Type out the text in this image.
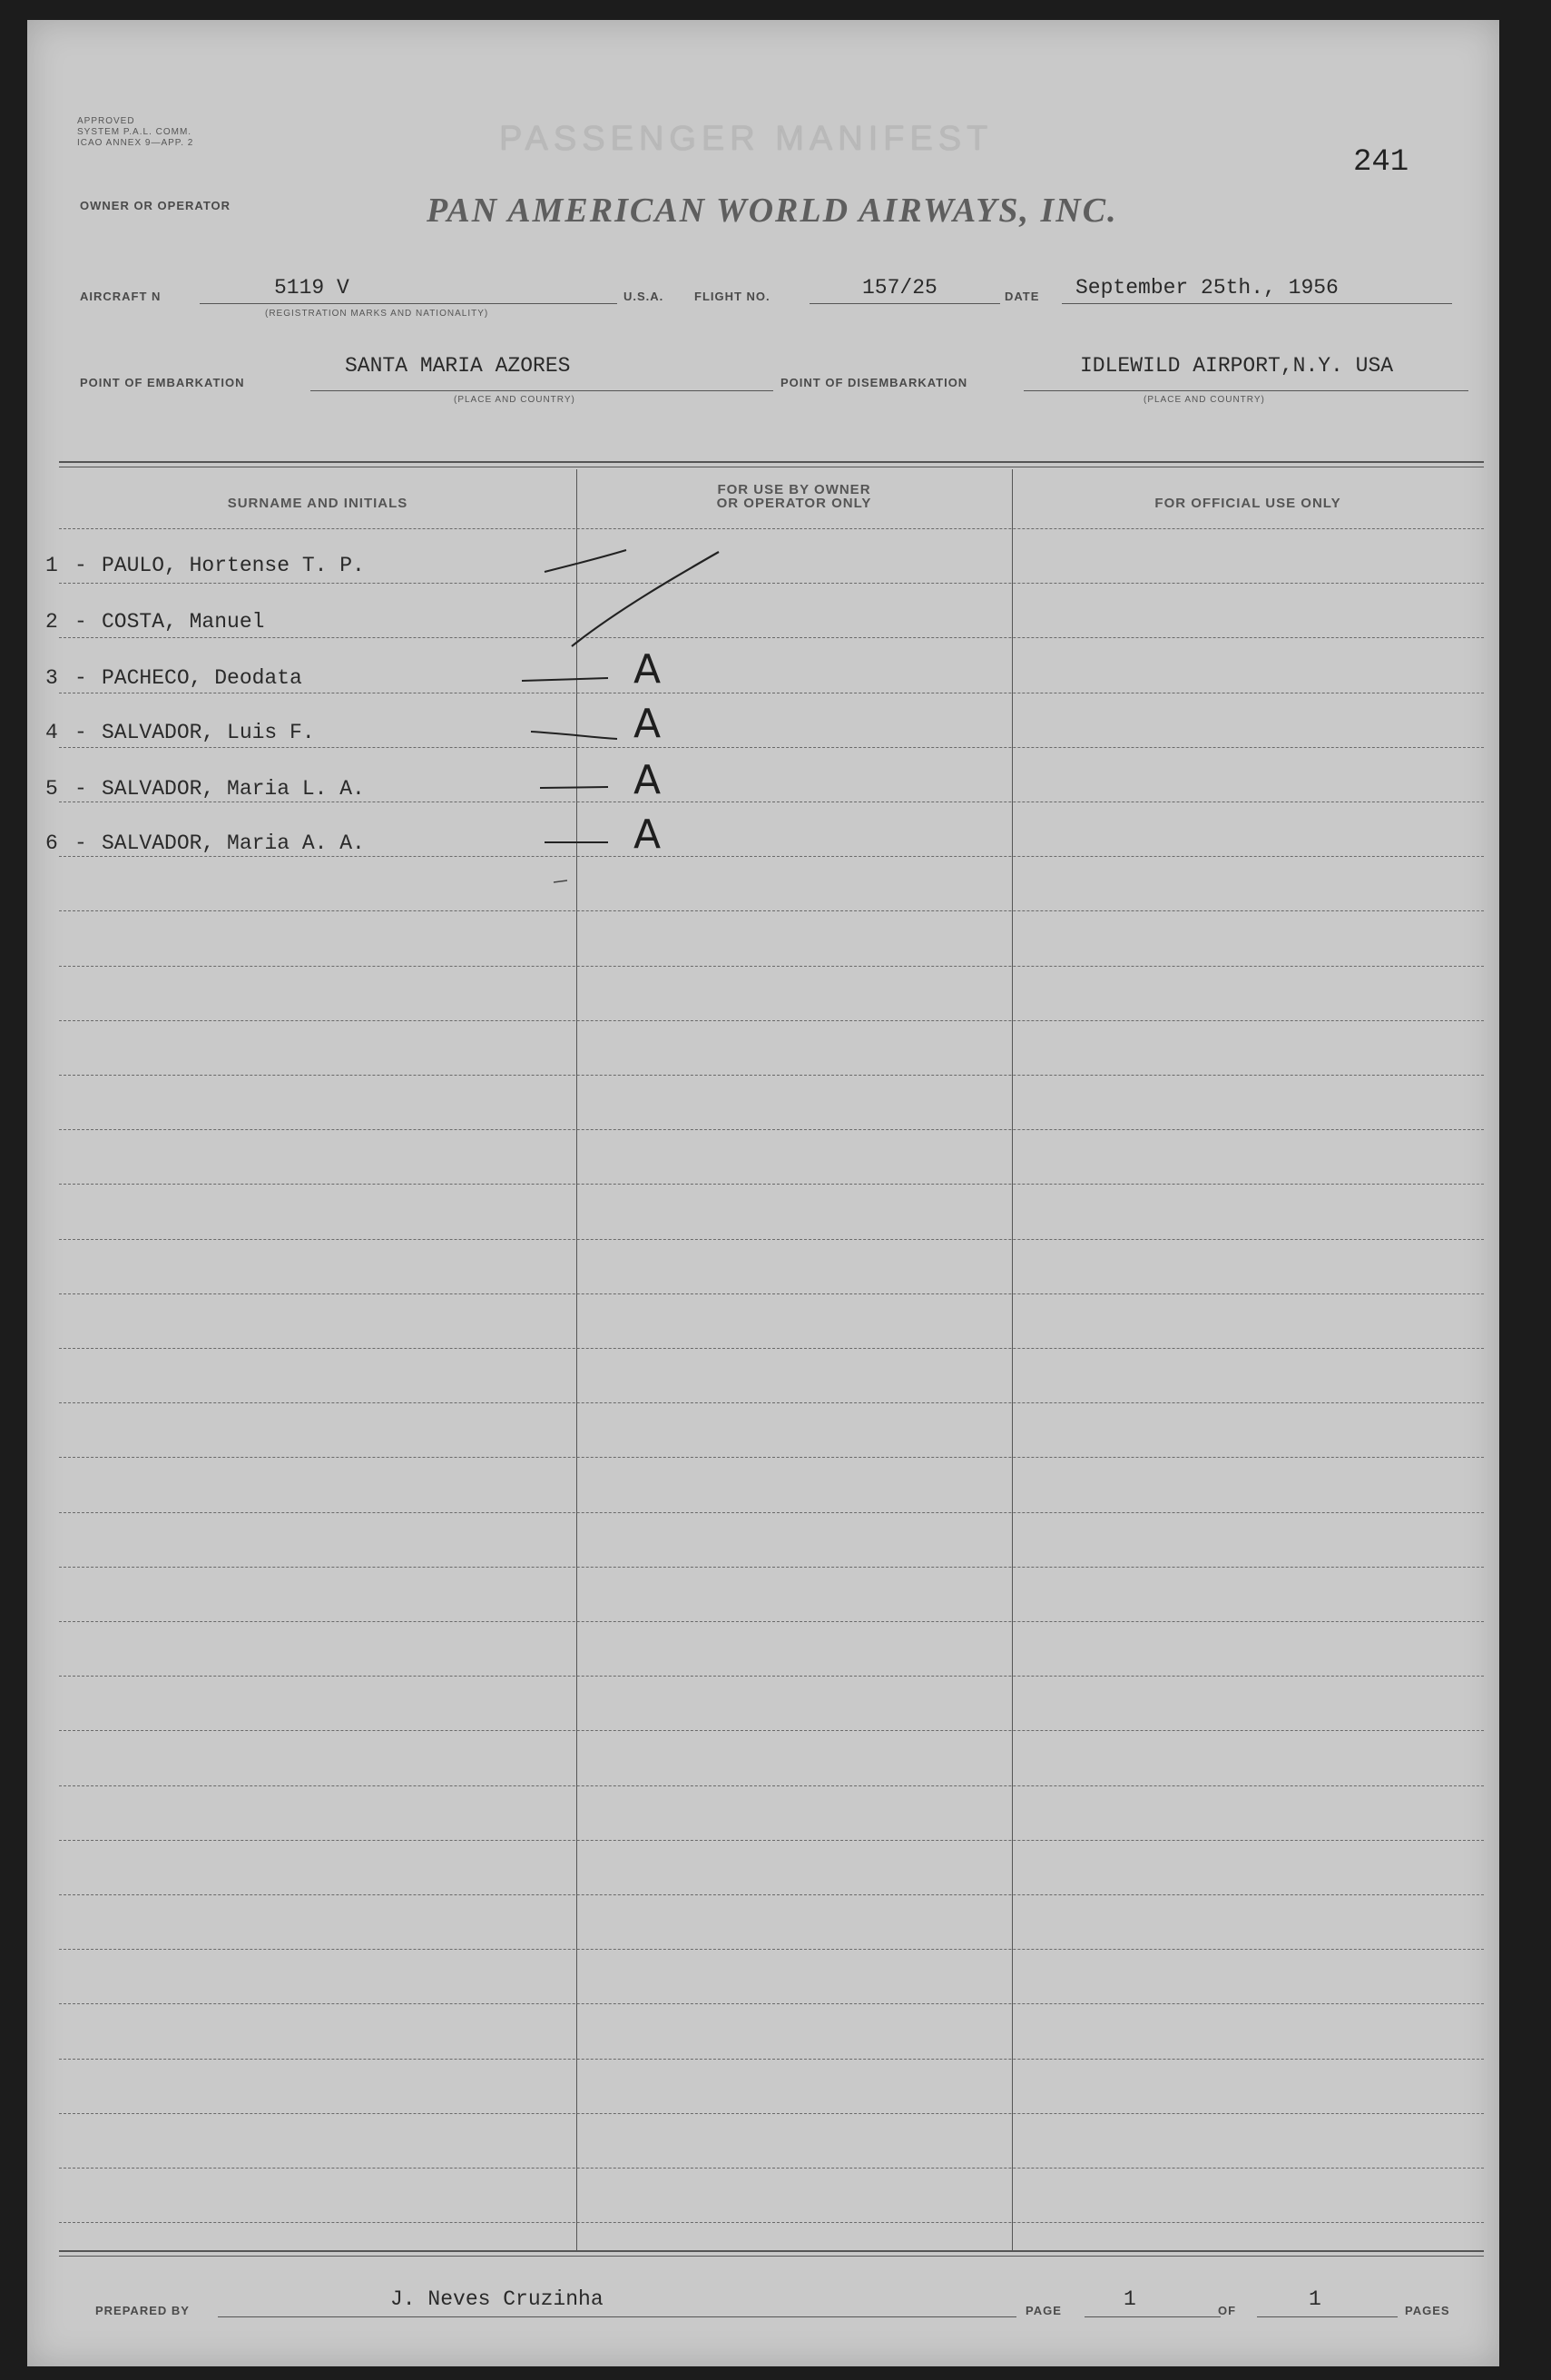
APPROVED
SYSTEM P.A.L. COMM.
ICAO ANNEX 9—APP. 2	PASSENGER MANIFEST
241
OWNER OR OPERATOR	PAN AMERICAN WORLD AIRWAYS, INC.
AIRCRAFT N	5119 V
(REGISTRATION MARKS AND NATIONALITY)
U.S.A.	FLIGHT NO.	157/25	DATE September 25th., 1956
POINT OF EMBARKATION
SANTA MARIA AZORES
(PLACE AND COUNTRY)
POINT OF DISEMBARKATION
IDLEWILD AIRPORT,N.Y. USA
(PLACE AND COUNTRY)
SURNAME AND INITIALS
FOR USE BY OWNER
OR OPERATOR ONLY	FOR OFFICIAL USE ONLY
1 - PAULO, Hortense T. P.
2 - COSTA, Manuel
3 - PACHECO, Deodata	A
4 - SALVADOR, Luis F.	A
5 - SALVADOR, Maria L. A.	A
6 - SALVADOR, Maria A. A.	A
PREPARED BY	J. Neves Cruzinha	PAGE	1	OF	1	PAGES
